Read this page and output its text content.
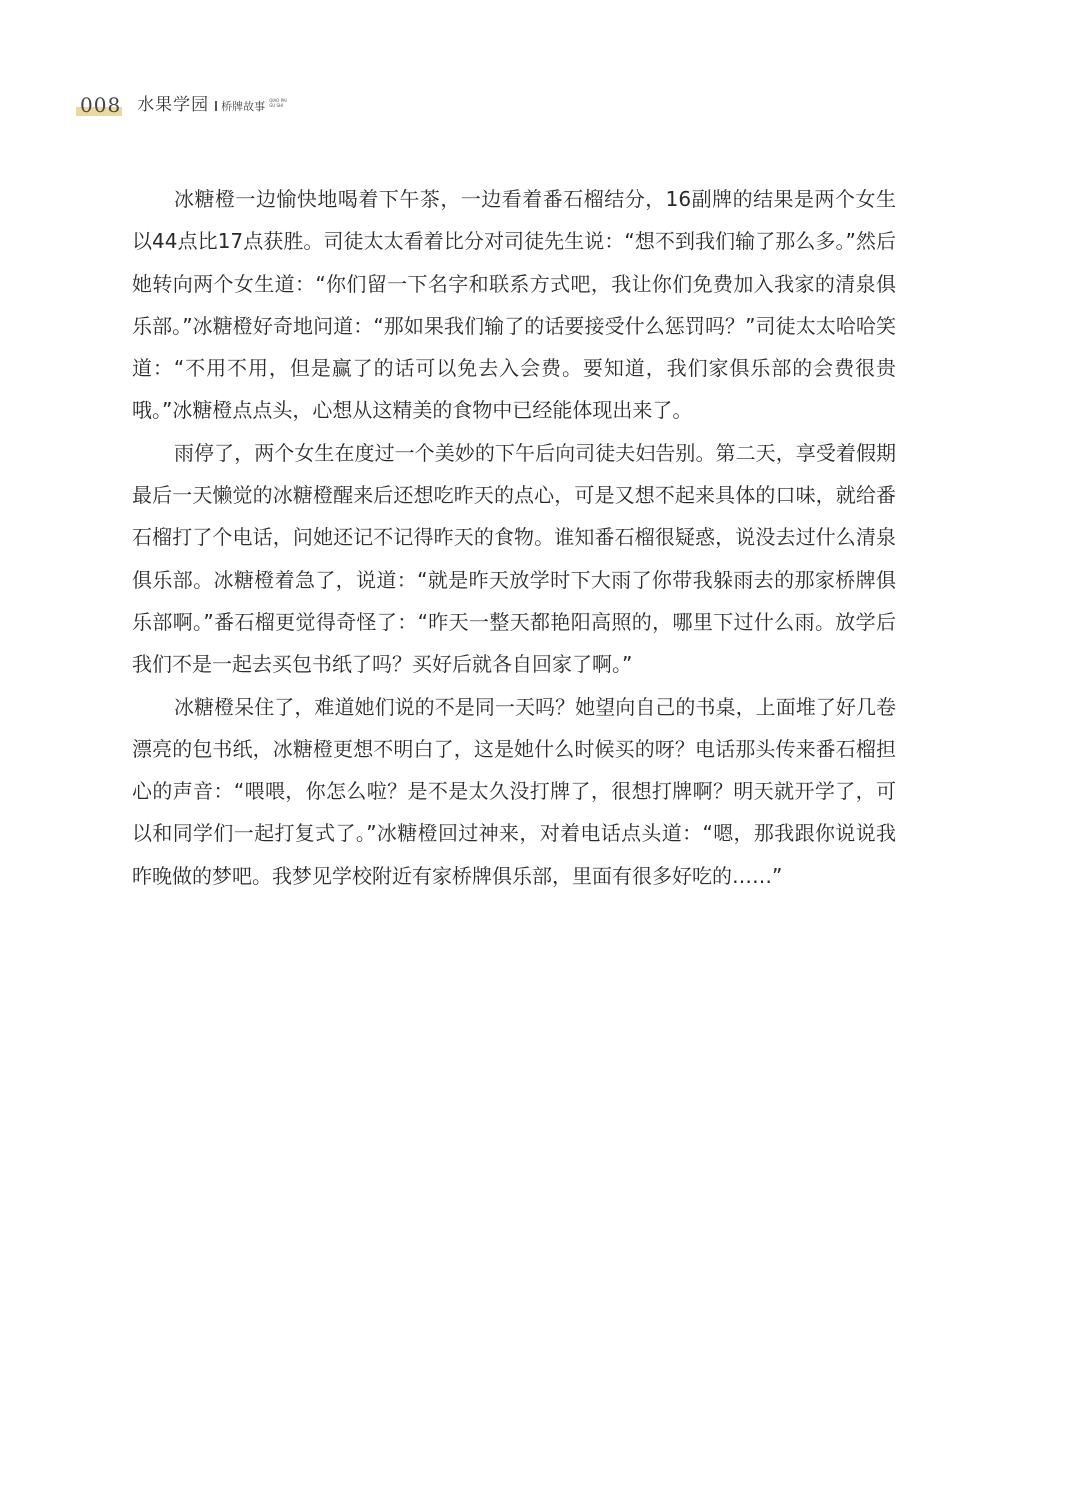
008 水果学园 桥牌故事 QIAO PAI
GU SHI

冰糖橙一边愉快地喝着下午茶，一边看着番石榴结分，16副牌的结果是两个女生以44点比17点获胜。司徒太太看着比分对司徒先生说：“想不到我们输了那么多。”然后她转向两个女生道：“你们留一下名字和联系方式吧，我让你们免费加入我家的清泉俱乐部。”冰糖橙好奇地问道：“那如果我们输了的话要接受什么惩罚吗？”司徒太太哈哈笑道：“不用不用，但是赢了的话可以免去入会费。要知道，我们家俱乐部的会费很贵哦。”冰糖橙点点头，心想从这精美的食物中已经能体现出来了。

雨停了，两个女生在度过一个美妙的下午后向司徒夫妇告别。第二天，享受着假期最后一天懒觉的冰糖橙醒来后还想吃昨天的点心，可是又想不起来具体的口味，就给番石榴打了个电话，问她还记不记得昨天的食物。谁知番石榴很疑惑，说没去过什么清泉俱乐部。冰糖橙着急了，说道：“就是昨天放学时下大雨了你带我躲雨去的那家桥牌俱乐部啊。”番石榴更觉得奇怪了：“昨天一整天都艳阳高照的，哪里下过什么雨。放学后我们不是一起去买包书纸了吗？买好后就各自回家了啊。”

冰糖橙呆住了，难道她们说的不是同一天吗？她望向自己的书桌，上面堆了好几卷漂亮的包书纸，冰糖橙更想不明白了，这是她什么时候买的呀？电话那头传来番石榴担心的声音：“喂喂，你怎么啦？是不是太久没打牌了，很想打牌啊？明天就开学了，可以和同学们一起打复式了。”冰糖橙回过神来，对着电话点头道：“嗯，那我跟你说说我昨晚做的梦吧。我梦见学校附近有家桥牌俱乐部，里面有很多好吃的……”
